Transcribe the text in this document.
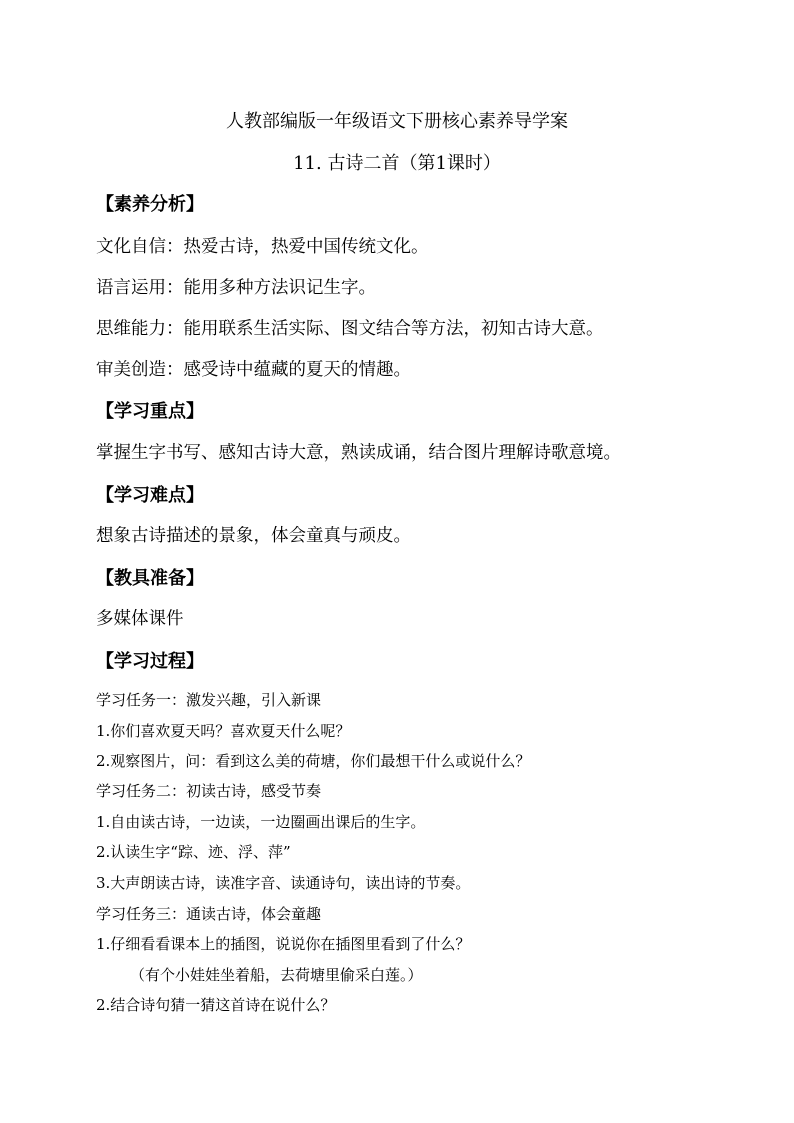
人教部编版一年级语文下册核心素养导学案
11. 古诗二首（第1课时）
【素养分析】
文化自信：热爱古诗，热爱中国传统文化。
语言运用：能用多种方法识记生字。
思维能力：能用联系生活实际、图文结合等方法，初知古诗大意。
审美创造：感受诗中蕴藏的夏天的情趣。
【学习重点】
掌握生字书写、感知古诗大意，熟读成诵，结合图片理解诗歌意境。
【学习难点】
想象古诗描述的景象，体会童真与顽皮。
【教具准备】
多媒体课件
【学习过程】
学习任务一：激发兴趣，引入新课
1.你们喜欢夏天吗？喜欢夏天什么呢？
2.观察图片，问：看到这么美的荷塘，你们最想干什么或说什么？
学习任务二：初读古诗，感受节奏
1.自由读古诗，一边读，一边圈画出课后的生字。
2.认读生字“踪、迹、浮、萍”
3.大声朗读古诗，读准字音、读通诗句，读出诗的节奏。
学习任务三：通读古诗，体会童趣
1.仔细看看课本上的插图，说说你在插图里看到了什么？
（有个小娃娃坐着船，去荷塘里偷采白莲。）
2.结合诗句猜一猜这首诗在说什么？
